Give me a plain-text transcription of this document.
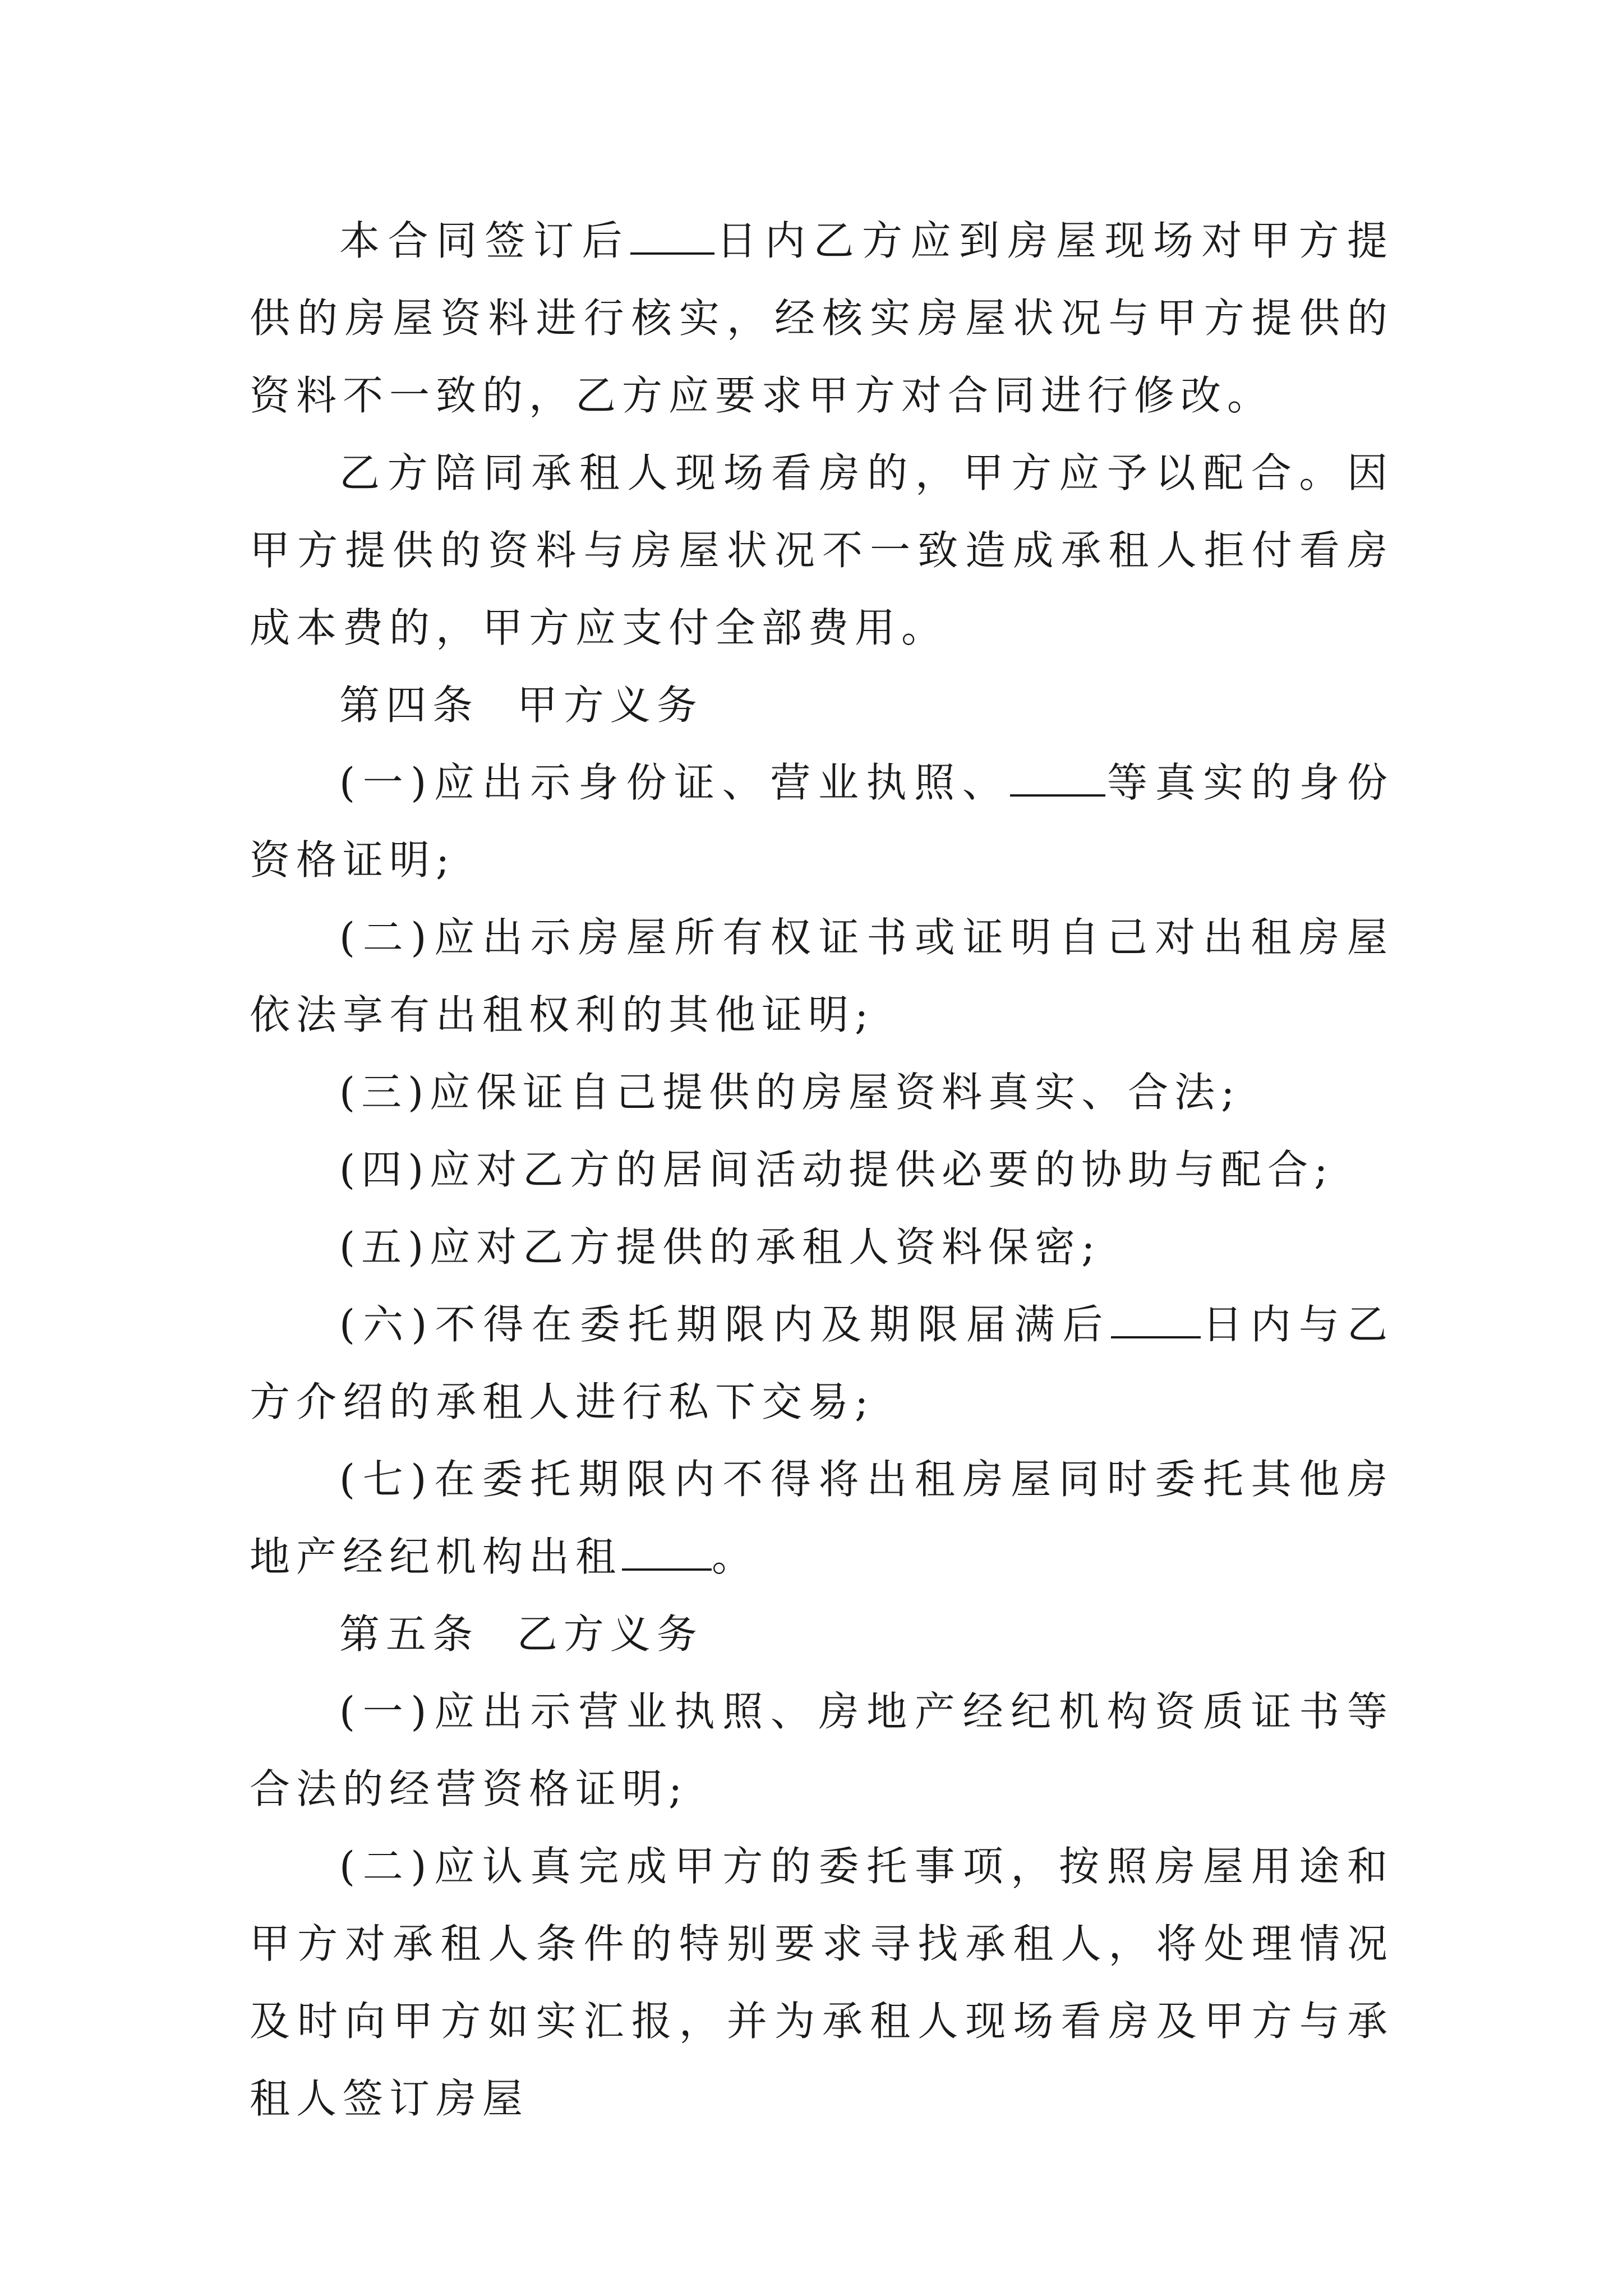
本合同签订后 日内乙方应到房屋现场对甲方提供的房屋资料进行核实，经核实房屋状况与甲方提供的资料不一致的，乙方应要求甲方对合同进行修改。

乙方陪同承租人现场看房的，甲方应予以配合。因甲方提供的资料与房屋状况不一致造成承租人拒付看房成本费的，甲方应支付全部费用。

第四条  甲方义务

(一)应出示身份证、营业执照、 等真实的身份资格证明;

(二)应出示房屋所有权证书或证明自己对出租房屋依法享有出租权利的其他证明;

(三)应保证自己提供的房屋资料真实、合法;

(四)应对乙方的居间活动提供必要的协助与配合;

(五)应对乙方提供的承租人资料保密;

(六)不得在委托期限内及期限届满后 日内与乙方介绍的承租人进行私下交易;

(七)在委托期限内不得将出租房屋同时委托其他房地产经纪机构出租 。

第五条  乙方义务

(一)应出示营业执照、房地产经纪机构资质证书等合法的经营资格证明;

(二)应认真完成甲方的委托事项，按照房屋用途和甲方对承租人条件的特别要求寻找承租人，将处理情况及时向甲方如实汇报，并为承租人现场看房及甲方与承租人签订房屋
